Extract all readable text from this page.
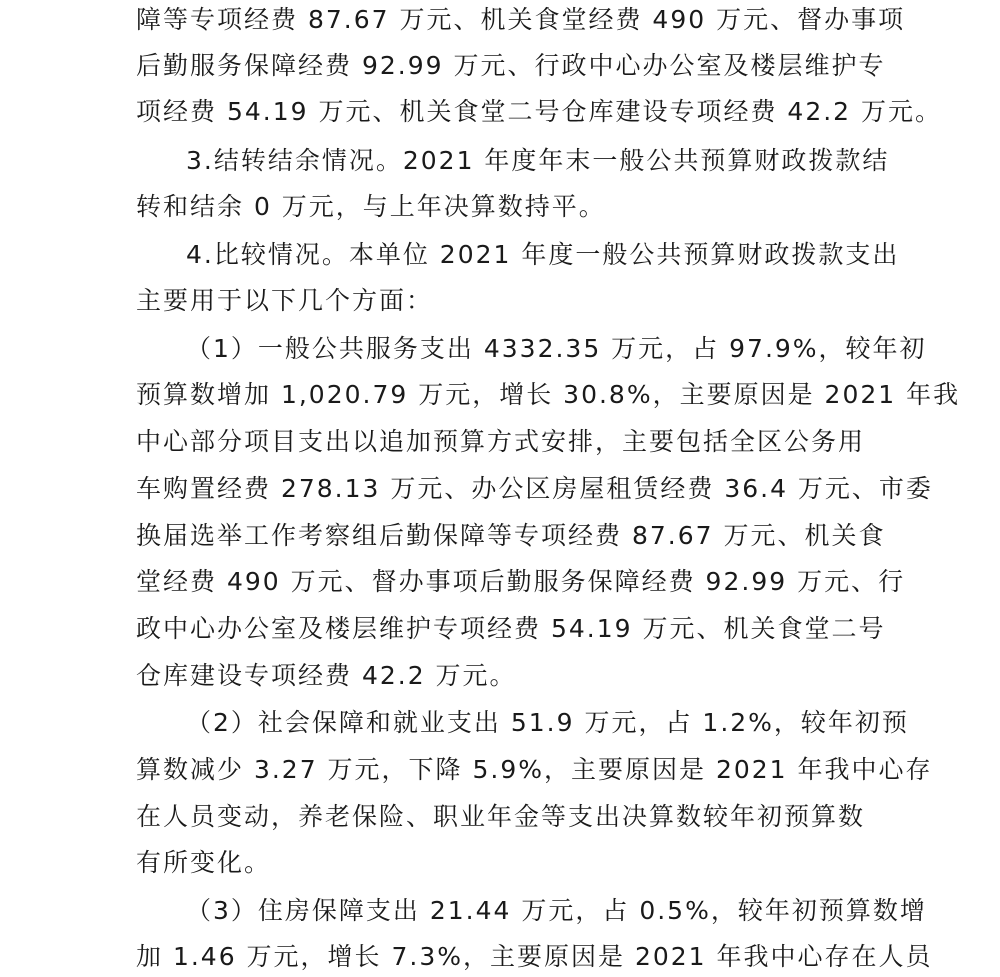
障等专项经费 87.67 万元、机关食堂经费 490 万元、督办事项
后勤服务保障经费 92.99 万元、行政中心办公室及楼层维护专
项经费 54.19 万元、机关食堂二号仓库建设专项经费 42.2 万元。
3.结转结余情况。2021 年度年末一般公共预算财政拨款结
转和结余 0 万元，与上年决算数持平。
4.比较情况。本单位 2021 年度一般公共预算财政拨款支出
主要用于以下几个方面：
（1）一般公共服务支出 4332.35 万元，占 97.9%，较年初
预算数增加 1,020.79 万元，增长 30.8%，主要原因是 2021 年我
中心部分项目支出以追加预算方式安排，主要包括全区公务用
车购置经费 278.13 万元、办公区房屋租赁经费 36.4 万元、市委
换届选举工作考察组后勤保障等专项经费 87.67 万元、机关食
堂经费 490 万元、督办事项后勤服务保障经费 92.99 万元、行
政中心办公室及楼层维护专项经费 54.19 万元、机关食堂二号
仓库建设专项经费 42.2 万元。
（2）社会保障和就业支出 51.9 万元，占 1.2%，较年初预
算数减少 3.27 万元，下降 5.9%，主要原因是 2021 年我中心存
在人员变动，养老保险、职业年金等支出决算数较年初预算数
有所变化。
（3）住房保障支出 21.44 万元，占 0.5%，较年初预算数增
加 1.46 万元，增长 7.3%，主要原因是 2021 年我中心存在人员
